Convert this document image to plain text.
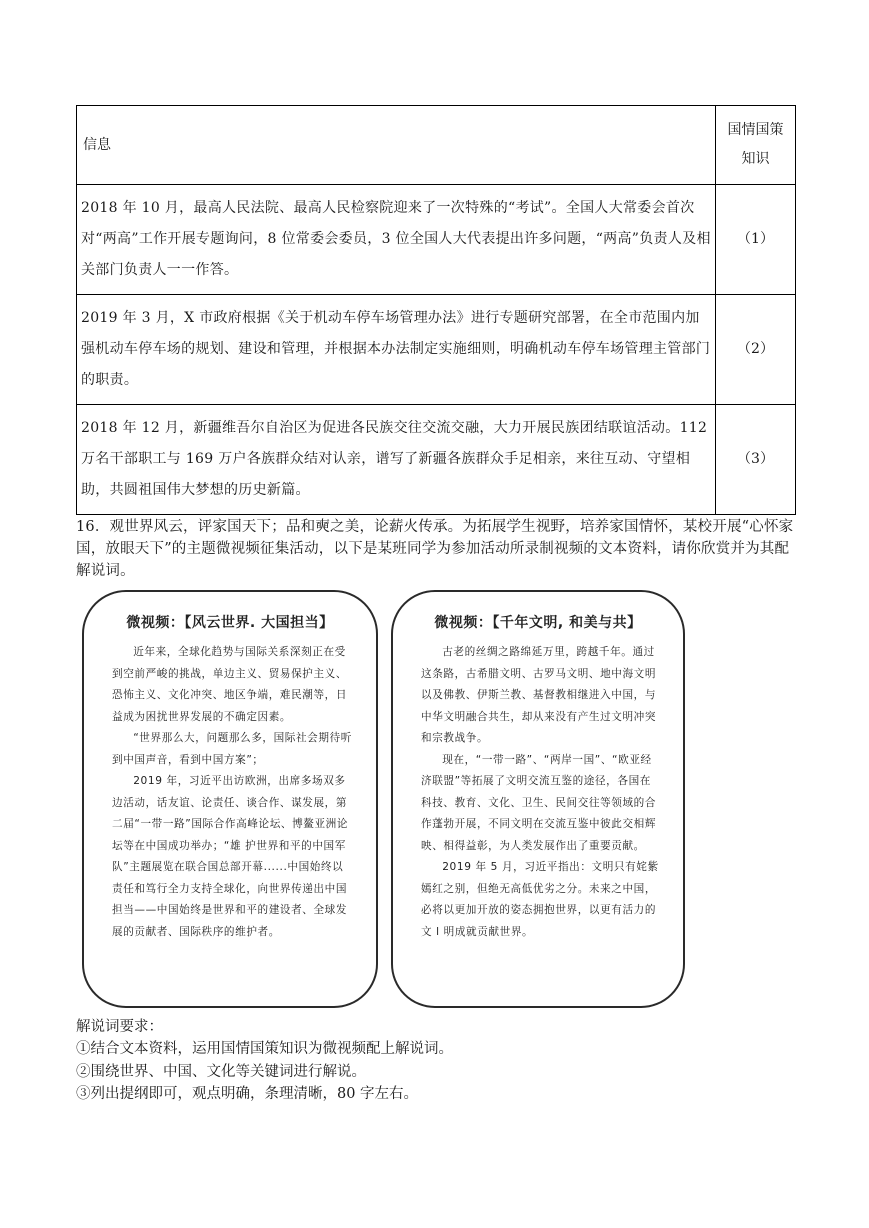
信息	国情国策知识
2018 年 10 月，最高人民法院、最高人民检察院迎来了一次特殊的“考试”。全国人大常委会首次对“两高”工作开展专题询问，8 位常委会委员，3 位全国人大代表提出许多问题，“两高”负责人及相关部门负责人一一作答。	（1）
2019 年 3 月，X 市政府根据《关于机动车停车场管理办法》进行专题研究部署，在全市范围内加强机动车停车场的规划、建设和管理，并根据本办法制定实施细则，明确机动车停车场管理主管部门的职责。	（2）
2018 年 12 月，新疆维吾尔自治区为促进各民族交往交流交融，大力开展民族团结联谊活动。112 万名干部职工与 169 万户各族群众结对认亲，谱写了新疆各族群众手足相亲，来往互动、守望相助，共圆祖国伟大梦想的历史新篇。	（3）
16．观世界风云，评家国天下；品和奭之美，论薪火传承。为拓展学生视野，培养家国情怀，某校开展“心怀家国，放眼天下”的主题微视频征集活动，以下是某班同学为参加活动所录制视频的文本资料，请你欣赏并为其配解说词。
微视频：【风云世界. 大国担当】

近年来，全球化趋势与国际关系深刻正在受到空前严峻的挑战，单边主义、贸易保护主义、恐怖主义、文化冲突、地区争端，难民潮等，日益成为困扰世界发展的不确定因素。

“世界那么大，问题那么多，国际社会期待听到中国声音，看到中国方案”；

2019 年，习近平出访欧洲，出席多场双多边活动，话友谊、论责任、谈合作、谋发展，第二届“一带一路”国际合作高峰论坛、博鳌亚洲论坛等在中国成功举办；“雄 护世界和平的中国军队”主题展览在联合国总部开幕......中国始终以责任和笃行全力支持全球化，向世界传递出中国担当——中国始终是世界和平的建设者、全球发展的贡献者、国际秩序的维护者。

微视频：【千年文明, 和美与共】

古老的丝绸之路绵延万里，跨越千年。通过这条路，古希腊文明、古罗马文明、地中海文明以及佛教、伊斯兰教、基督教相继进入中国，与中华文明融合共生，却从来没有产生过文明冲突和宗教战争。

现在，“一带一路”、“两岸一国”、“欧亚经济联盟”等拓展了文明交流互鉴的途径，各国在科技、教育、文化、卫生、民间交往等领域的合作蓬勃开展，不同文明在交流互鉴中彼此交相辉映、相得益彰，为人类发展作出了重要贡献。

2019 年 5 月，习近平指出：文明只有姹紫嫣红之别，但绝无高低优劣之分。未来之中国，必将以更加开放的姿态拥抱世界，以更有活力的文 l 明成就贡献世界。

解说词要求：
①结合文本资料，运用国情国策知识为微视频配上解说词。
②围绕世界、中国、文化等关键词进行解说。
③列出提纲即可，观点明确，条理清晰，80 字左右。
